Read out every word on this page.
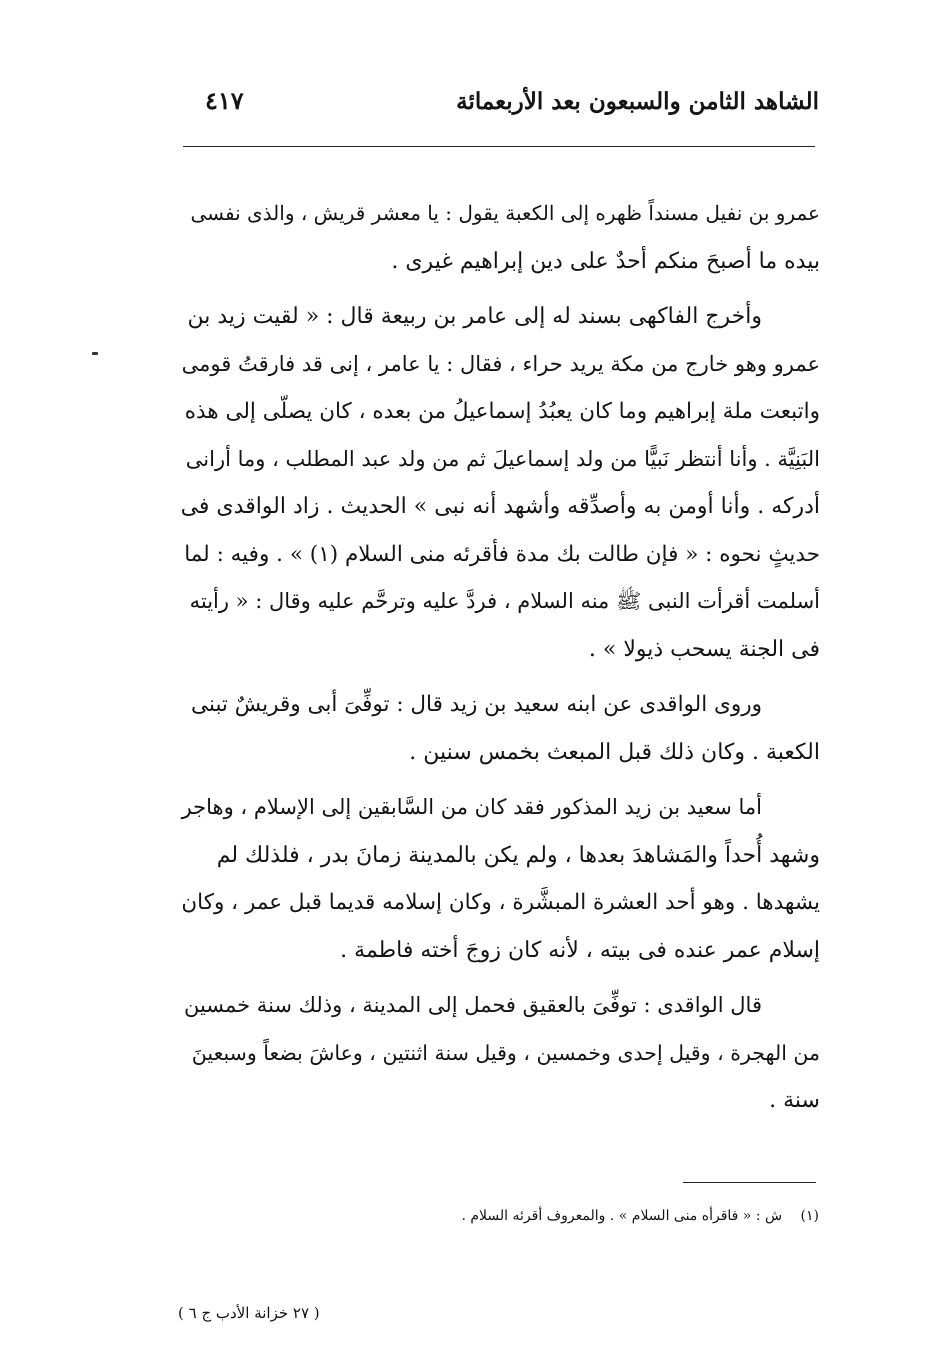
الشاهد الثامن والسبعون بعد الأربعمائة
٤١٧

عمرو بن نفيل مسنداً ظهره إلى الكعبة يقول : يا معشر قريش ، والذى نفسى
بيده ما أصبحَ منكم أحدٌ على دين إبراهيم غيرى .

وأخرج الفاكهى بسند له إلى عامر بن ربيعة قال : « لقيت زيد بن
عمرو وهو خارج من مكة يريد حراء ، فقال : يا عامر ، إنى قد فارقتُ قومى
واتبعت ملة إبراهيم وما كان يعبُدُ إسماعيلُ من بعده ، كان يصلّى إلى هذه
البَنِيَّة . وأنا أنتظر نَبيًّا من ولد إسماعيلَ ثم من ولد عبد المطلب ، وما أرانى
أدركه . وأنا أومن به وأصدِّقه وأشهد أنه نبى » الحديث . زاد الواقدى فى
حديثٍ نحوه : « فإن طالت بك مدة فأقرئه منى السلام (١) » . وفيه : لما
أسلمت أقرأت النبى ﷺ منه السلام ، فردَّ عليه وترحَّم عليه وقال : « رأيته
فى الجنة يسحب ذيولا » .

وروى الواقدى عن ابنه سعيد بن زيد قال : توفِّىَ أبى وقريشٌ تبنى
الكعبة . وكان ذلك قبل المبعث بخمس سنين .

أما سعيد بن زيد المذكور فقد كان من السَّابقين إلى الإسلام ، وهاجر
وشهد أُحداً والمَشاهدَ بعدها ، ولم يكن بالمدينة زمانَ بدر ، فلذلك لم
يشهدها . وهو أحد العشرة المبشَّرة ، وكان إسلامه قديما قبل عمر ، وكان
إسلام عمر عنده فى بيته ، لأنه كان زوجَ أخته فاطمة .

قال الواقدى : توفِّىَ بالعقيق فحمل إلى المدينة ، وذلك سنة خمسين
من الهجرة ، وقيل إحدى وخمسين ، وقيل سنة اثنتين ، وعاشَ بضعاً وسبعينَ
سنة .

(١) ش : « فاقرأه منى السلام » . والمعروف أقرئه السلام .
( ٢٧ خزانة الأدب ج ٦ )
